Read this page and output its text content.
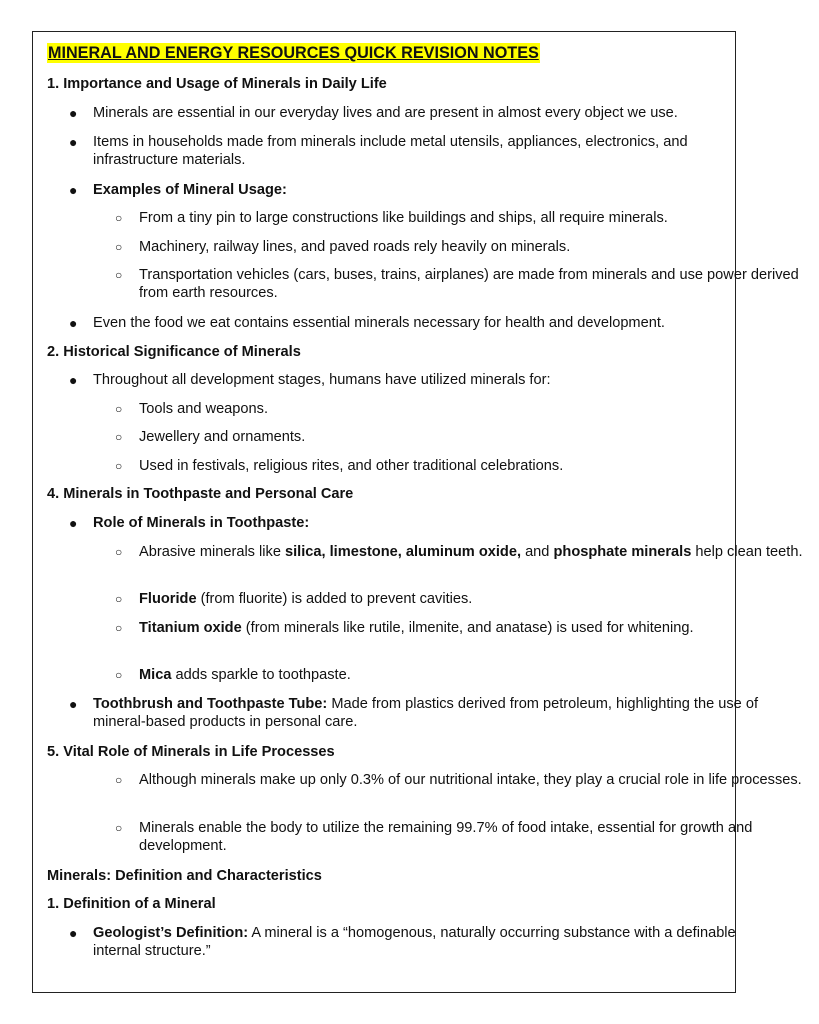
MINERAL AND ENERGY RESOURCES QUICK REVISION NOTES
1. Importance and Usage of Minerals in Daily Life
● Minerals are essential in our everyday lives and are present in almost every object we use.
● Items in households made from minerals include metal utensils, appliances, electronics, and infrastructure materials.
● Examples of Mineral Usage:
○ From a tiny pin to large constructions like buildings and ships, all require minerals.
○ Machinery, railway lines, and paved roads rely heavily on minerals.
○ Transportation vehicles (cars, buses, trains, airplanes) are made from minerals and use power derived from earth resources.
● Even the food we eat contains essential minerals necessary for health and development.
2. Historical Significance of Minerals
● Throughout all development stages, humans have utilized minerals for:
○ Tools and weapons.
○ Jewellery and ornaments.
○ Used in festivals, religious rites, and other traditional celebrations.
4. Minerals in Toothpaste and Personal Care
● Role of Minerals in Toothpaste:
○ Abrasive minerals like silica, limestone, aluminum oxide, and phosphate minerals help clean teeth.
○ Fluoride (from fluorite) is added to prevent cavities.
○ Titanium oxide (from minerals like rutile, ilmenite, and anatase) is used for whitening.
○ Mica adds sparkle to toothpaste.
● Toothbrush and Toothpaste Tube: Made from plastics derived from petroleum, highlighting the use of mineral-based products in personal care.
5. Vital Role of Minerals in Life Processes
○ Although minerals make up only 0.3% of our nutritional intake, they play a crucial role in life processes.
○ Minerals enable the body to utilize the remaining 99.7% of food intake, essential for growth and development.
Minerals: Definition and Characteristics
1. Definition of a Mineral
● Geologist’s Definition: A mineral is a “homogenous, naturally occurring substance with a definable internal structure.”
